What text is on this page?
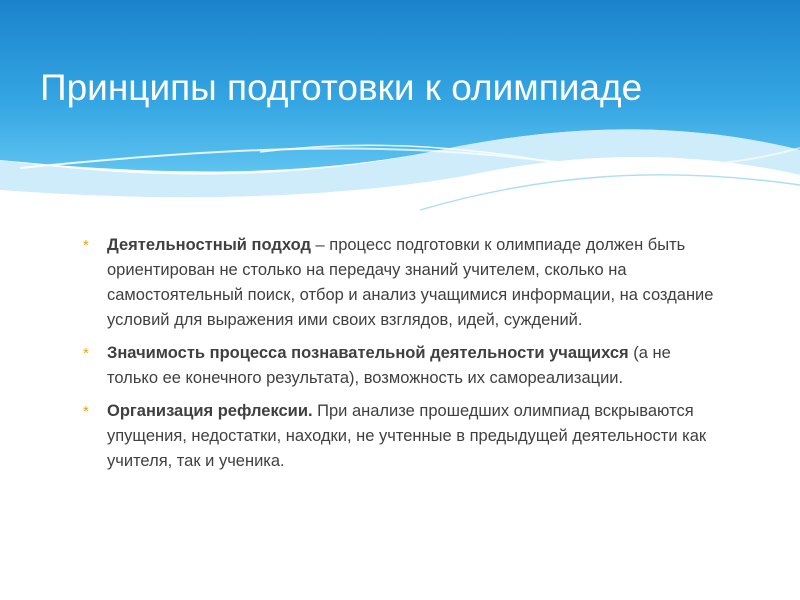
Принципы подготовки к олимпиаде
* Деятельностный подход – процесс подготовки к олимпиаде должен быть ориентирован не столько на передачу знаний учителем, сколько на самостоятельный поиск, отбор и анализ учащимися информации, на создание условий для выражения ими своих взглядов, идей, суждений.
* Значимость процесса познавательной деятельности учащихся (а не только ее конечного результата), возможность их самореализации.
* Организация рефлексии. При анализе прошедших олимпиад вскрываются упущения, недостатки, находки, не учтенные в предыдущей деятельности как учителя, так и ученика.
